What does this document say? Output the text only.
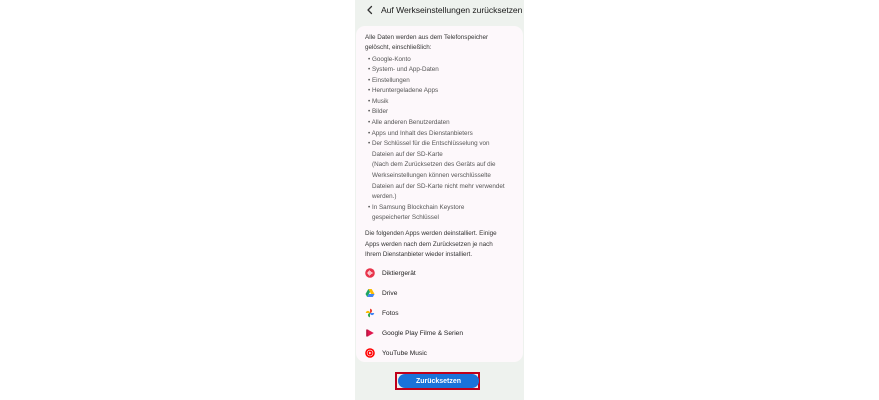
Auf Werkseinstellungen zurücksetzen
Alle Daten werden aus dem Telefonspeicher
gelöscht, einschließlich:
• Google-Konto
• System- und App-Daten
• Einstellungen
• Heruntergeladene Apps
• Musik
• Bilder
• Alle anderen Benutzerdaten
• Apps und Inhalt des Dienstanbieters
• Der Schlüssel für die Entschlüsselung von
Dateien auf der SD-Karte
(Nach dem Zurücksetzen des Geräts auf die
Werkseinstellungen können verschlüsselte
Dateien auf der SD-Karte nicht mehr verwendet
werden.)
• In Samsung Blockchain Keystore
gespeicherter Schlüssel
Die folgenden Apps werden deinstalliert. Einige
Apps werden nach dem Zurücksetzen je nach
Ihrem Dienstanbieter wieder installiert.
Diktiergerät
Drive
Fotos
Google Play Filme & Serien
YouTube Music
Zurücksetzen
